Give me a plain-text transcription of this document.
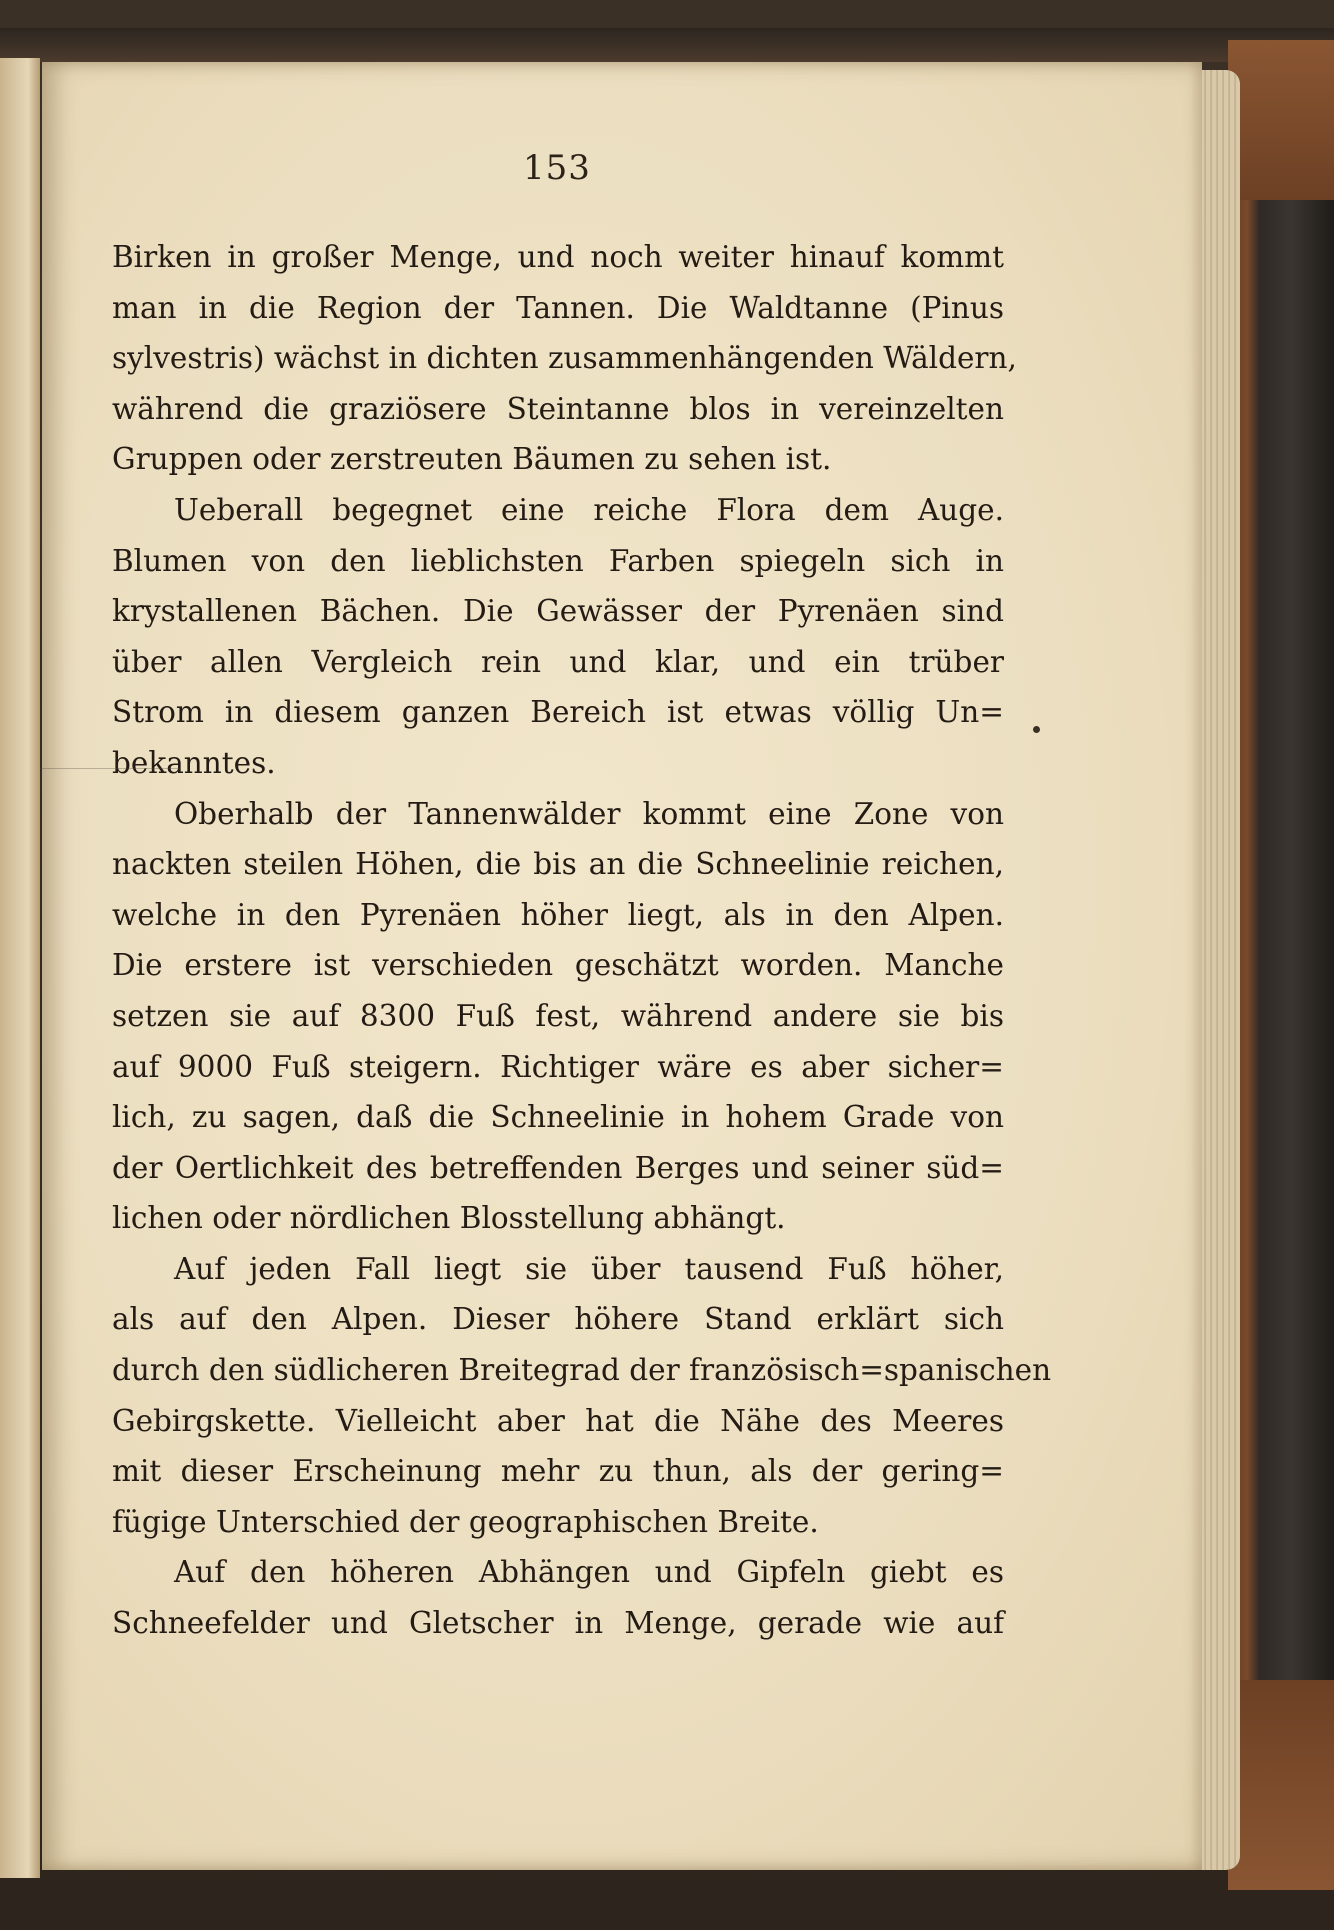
153
Birken in großer Menge, und noch weiter hinauf kommt
man in die Region der Tannen. Die Waldtanne (Pinus
sylvestris) wächst in dichten zusammenhängenden Wäldern,
während die graziösere Steintanne blos in vereinzelten
Gruppen oder zerstreuten Bäumen zu sehen ist.
Ueberall begegnet eine reiche Flora dem Auge.
Blumen von den lieblichsten Farben spiegeln sich in
krystallenen Bächen. Die Gewässer der Pyrenäen sind
über allen Vergleich rein und klar, und ein trüber
Strom in diesem ganzen Bereich ist etwas völlig Un=
bekanntes.
Oberhalb der Tannenwälder kommt eine Zone von
nackten steilen Höhen, die bis an die Schneelinie reichen,
welche in den Pyrenäen höher liegt, als in den Alpen.
Die erstere ist verschieden geschätzt worden. Manche
setzen sie auf 8300 Fuß fest, während andere sie bis
auf 9000 Fuß steigern. Richtiger wäre es aber sicher=
lich, zu sagen, daß die Schneelinie in hohem Grade von
der Oertlichkeit des betreffenden Berges und seiner süd=
lichen oder nördlichen Blosstellung abhängt.
Auf jeden Fall liegt sie über tausend Fuß höher,
als auf den Alpen. Dieser höhere Stand erklärt sich
durch den südlicheren Breitegrad der französisch=spanischen
Gebirgskette. Vielleicht aber hat die Nähe des Meeres
mit dieser Erscheinung mehr zu thun, als der gering=
fügige Unterschied der geographischen Breite.
Auf den höheren Abhängen und Gipfeln giebt es
Schneefelder und Gletscher in Menge, gerade wie auf
